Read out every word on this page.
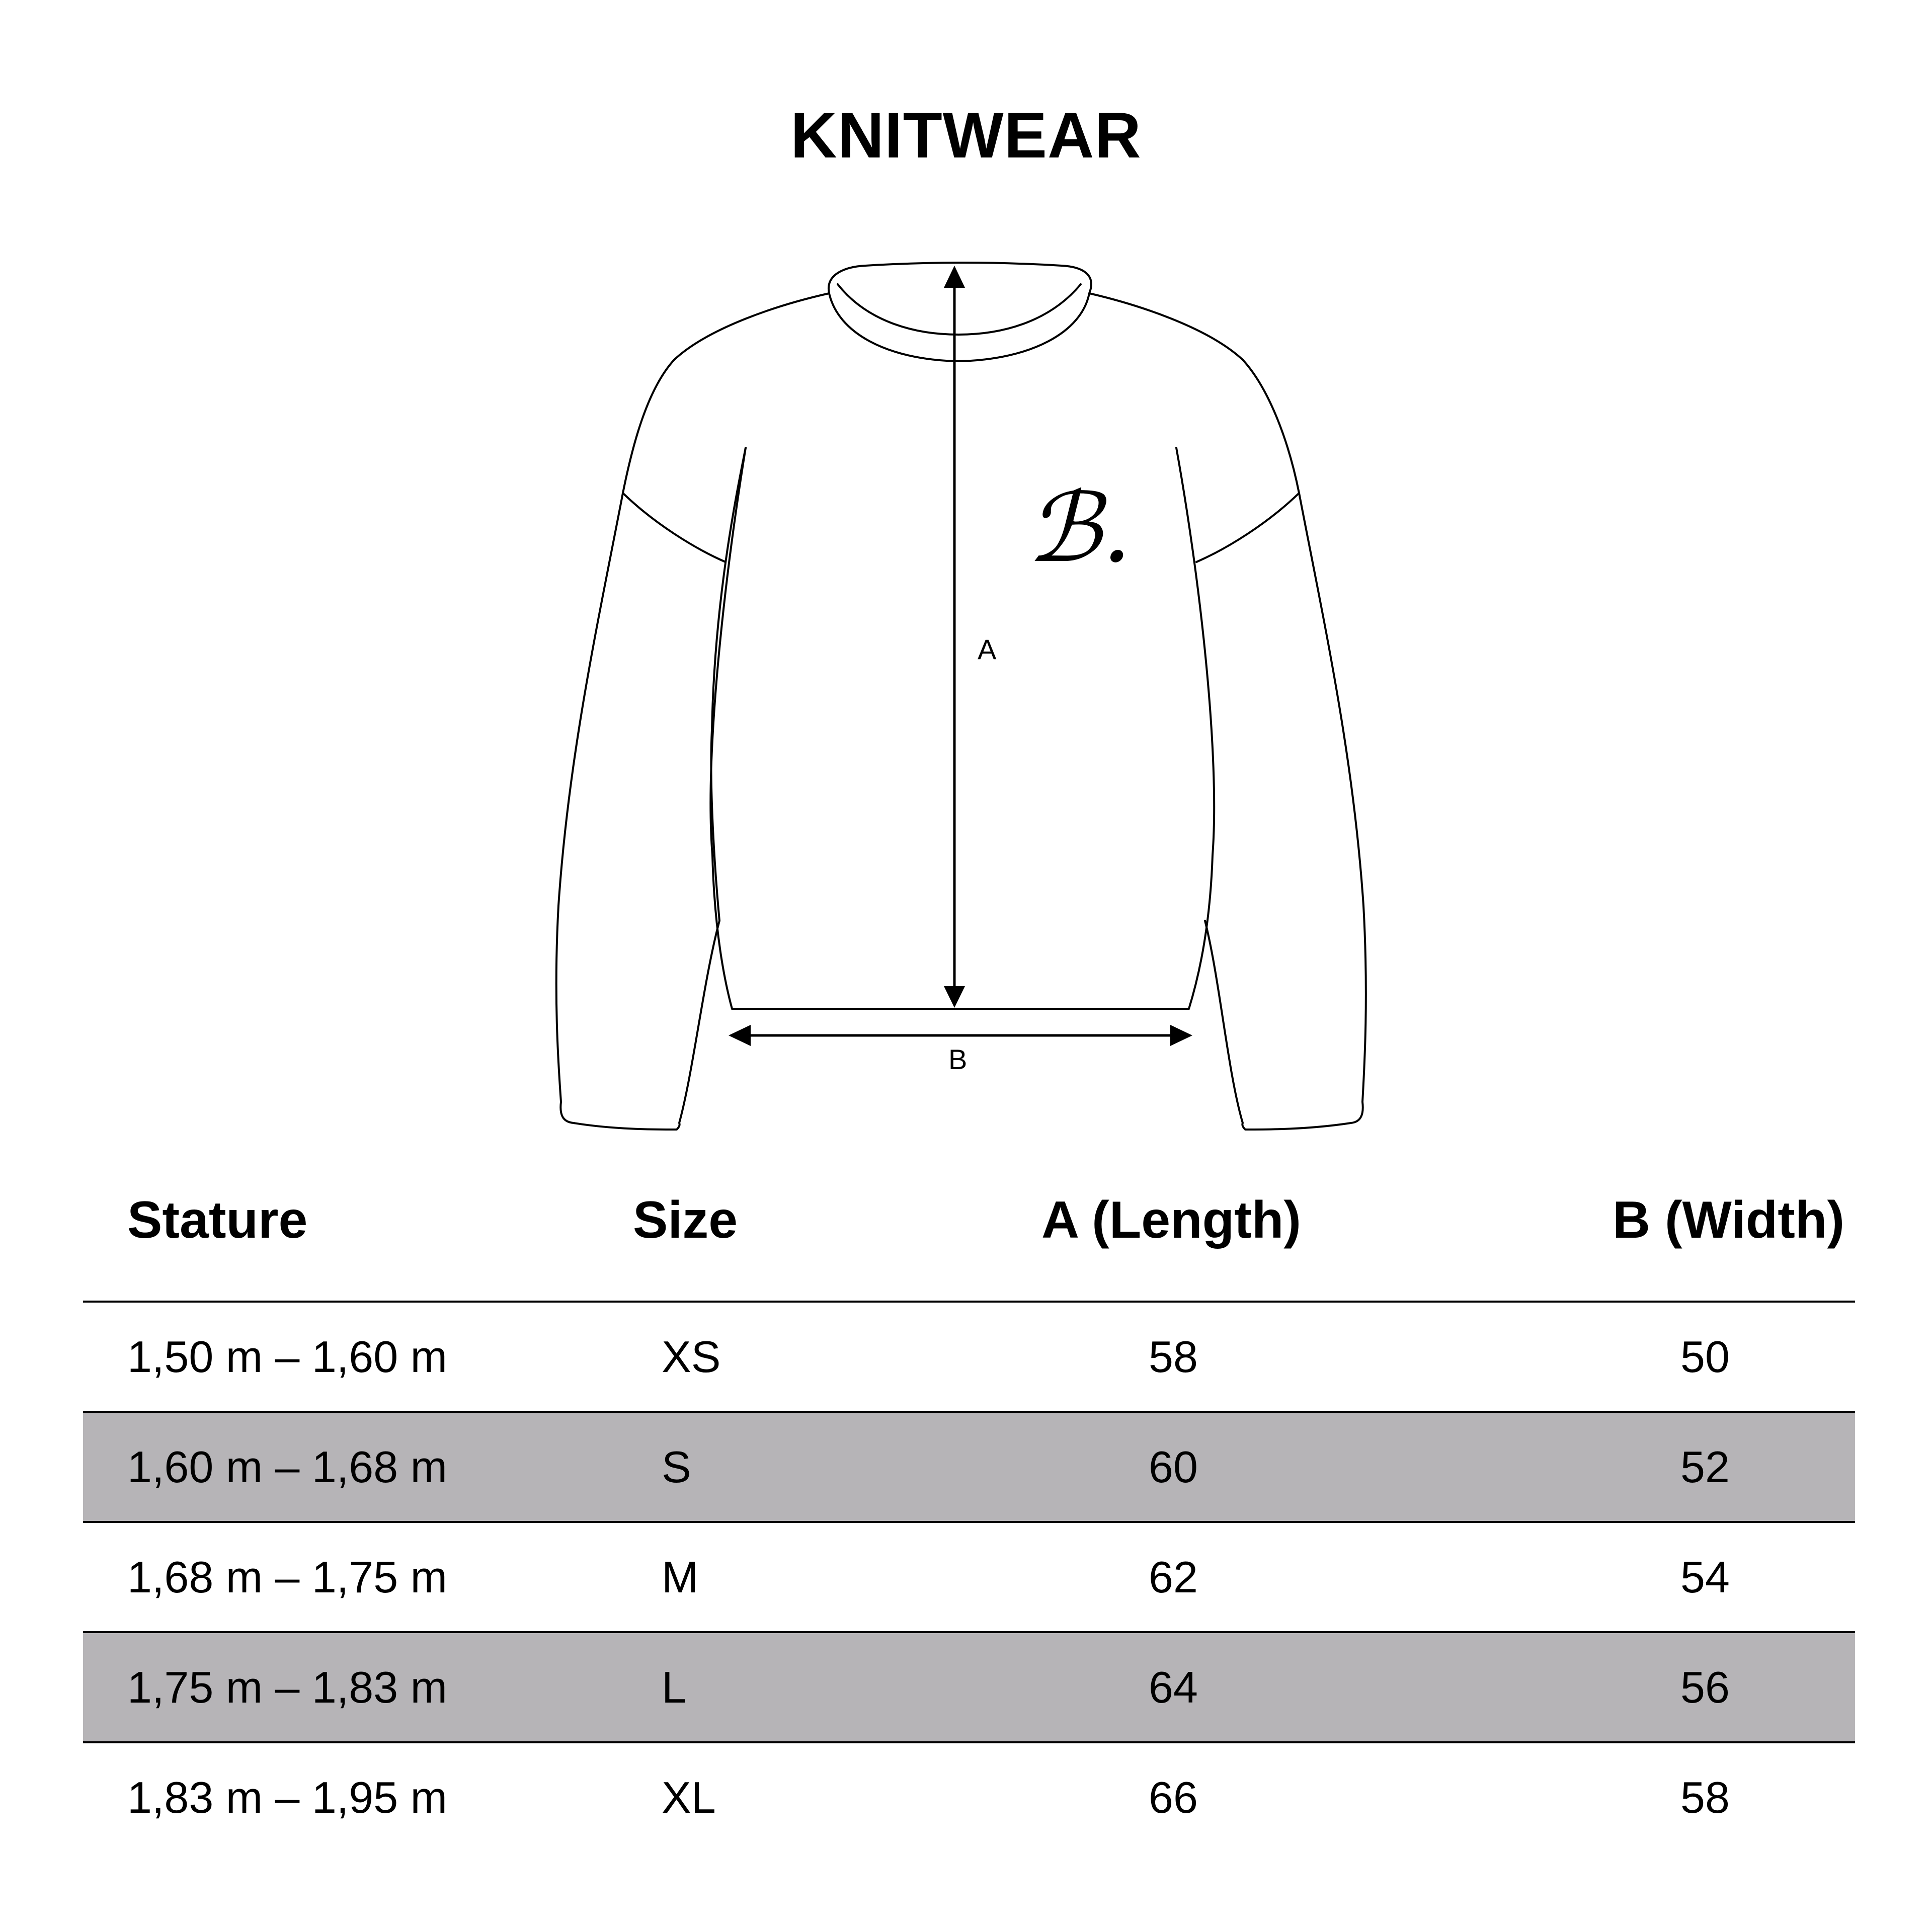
KNITWEAR
A
B
ℬ.
Stature	Size	A (Length)	B (Width)
1,50 m – 1,60 m	XS	58	50
1,60 m – 1,68 m	S	60	52
1,68 m – 1,75 m	M	62	54
1,75 m – 1,83 m	L	64	56
1,83 m – 1,95 m	XL	66	58
